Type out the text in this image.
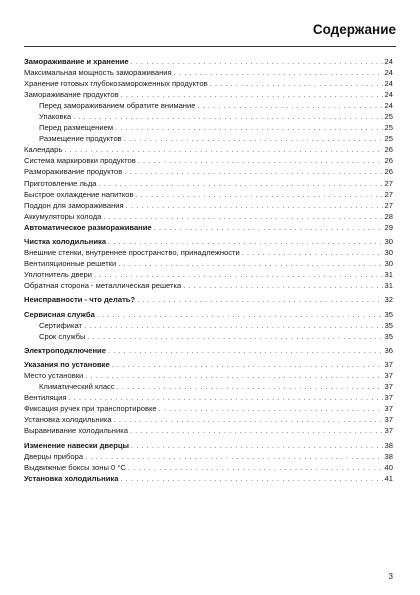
Содержание
Замораживание и хранение . . .	24
Максимальная мощность замораживания . . .	24
Хранение готовых глубокозамороженных продуктов . . .	24
Замораживание продуктов . . .	24
Перед замораживанием обратите внимание . . .	24
Упаковка . . .	25
Перед размещением . . .	25
Размещение продуктов . . .	25
Календарь . . .	26
Система маркировки продуктов . . .	26
Размораживание продуктов . . .	26
Приготовление льда . . .	27
Быстрое охлаждение напитков . . .	27
Поддон для замораживания . . .	27
Аккумуляторы холода . . .	28
Автоматическое размораживание . . .	29
Чистка холодильника . . .	30
Внешние стенки, внутреннее пространство, принадлежности . . .	30
Вентиляционные решетки . . .	30
Уплотнитель двери . . .	31
Обратная сторона - металлическая решетка . . .	31
Неисправности - что делать? . . .	32
Сервисная служба . . .	35
Сертификат . . .	35
Срок службы . . .	35
Электроподключение . . .	36
Указания по установке . . .	37
Место установки . . .	37
Климатический класс . . .	37
Вентиляция . . .	37
Фиксация ручек при транспортировке . . .	37
Установка холодильника . . .	37
Выравнивание холодильника . . .	37
Изменение навески дверцы . . .	38
Дверцы прибора . . .	38
Выдвижные боксы зоны 0 °C . . .	40
Установка холодильника . . .	41
3
